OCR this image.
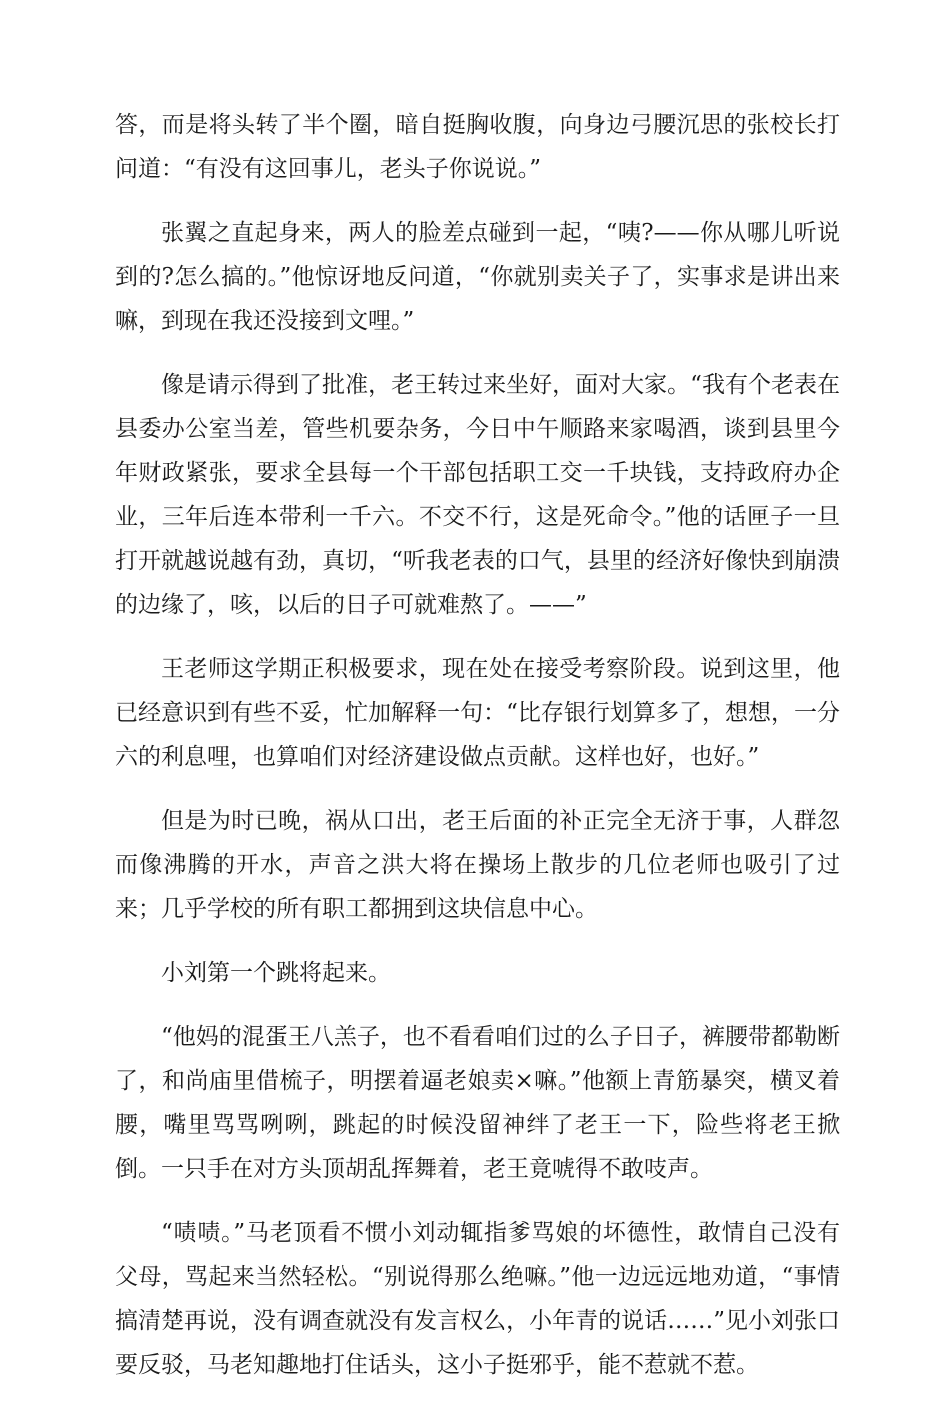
答，而是将头转了半个圈，暗自挺胸收腹，向身边弓腰沉思的张校长打问道：“有没有这回事儿，老头子你说说。”

张翼之直起身来，两人的脸差点碰到一起，“咦?——你从哪儿听说到的?怎么搞的。”他惊讶地反问道，“你就别卖关子了，实事求是讲出来嘛，到现在我还没接到文哩。”

像是请示得到了批准，老王转过来坐好，面对大家。“我有个老表在县委办公室当差，管些机要杂务，今日中午顺路来家喝酒，谈到县里今年财政紧张，要求全县每一个干部包括职工交一千块钱，支持政府办企业，三年后连本带利一千六。不交不行，这是死命令。”他的话匣子一旦打开就越说越有劲，真切，“听我老表的口气，县里的经济好像快到崩溃的边缘了，咳，以后的日子可就难熬了。——”

王老师这学期正积极要求，现在处在接受考察阶段。说到这里，他已经意识到有些不妥，忙加解释一句：“比存银行划算多了，想想，一分六的利息哩，也算咱们对经济建设做点贡献。这样也好，也好。”

但是为时已晚，祸从口出，老王后面的补正完全无济于事，人群忽而像沸腾的开水，声音之洪大将在操场上散步的几位老师也吸引了过来；几乎学校的所有职工都拥到这块信息中心。

小刘第一个跳将起来。

“他妈的混蛋王八羔子，也不看看咱们过的么子日子，裤腰带都勒断了，和尚庙里借梳子，明摆着逼老娘卖×嘛。”他额上青筋暴突，横叉着腰，嘴里骂骂咧咧，跳起的时候没留神绊了老王一下，险些将老王掀倒。一只手在对方头顶胡乱挥舞着，老王竟唬得不敢吱声。

“啧啧。”马老顶看不惯小刘动辄指爹骂娘的坏德性，敢情自己没有父母，骂起来当然轻松。“别说得那么绝嘛。”他一边远远地劝道，“事情搞清楚再说，没有调查就没有发言权么，小年青的说话……”见小刘张口要反驳，马老知趣地打住话头，这小子挺邪乎，能不惹就不惹。
